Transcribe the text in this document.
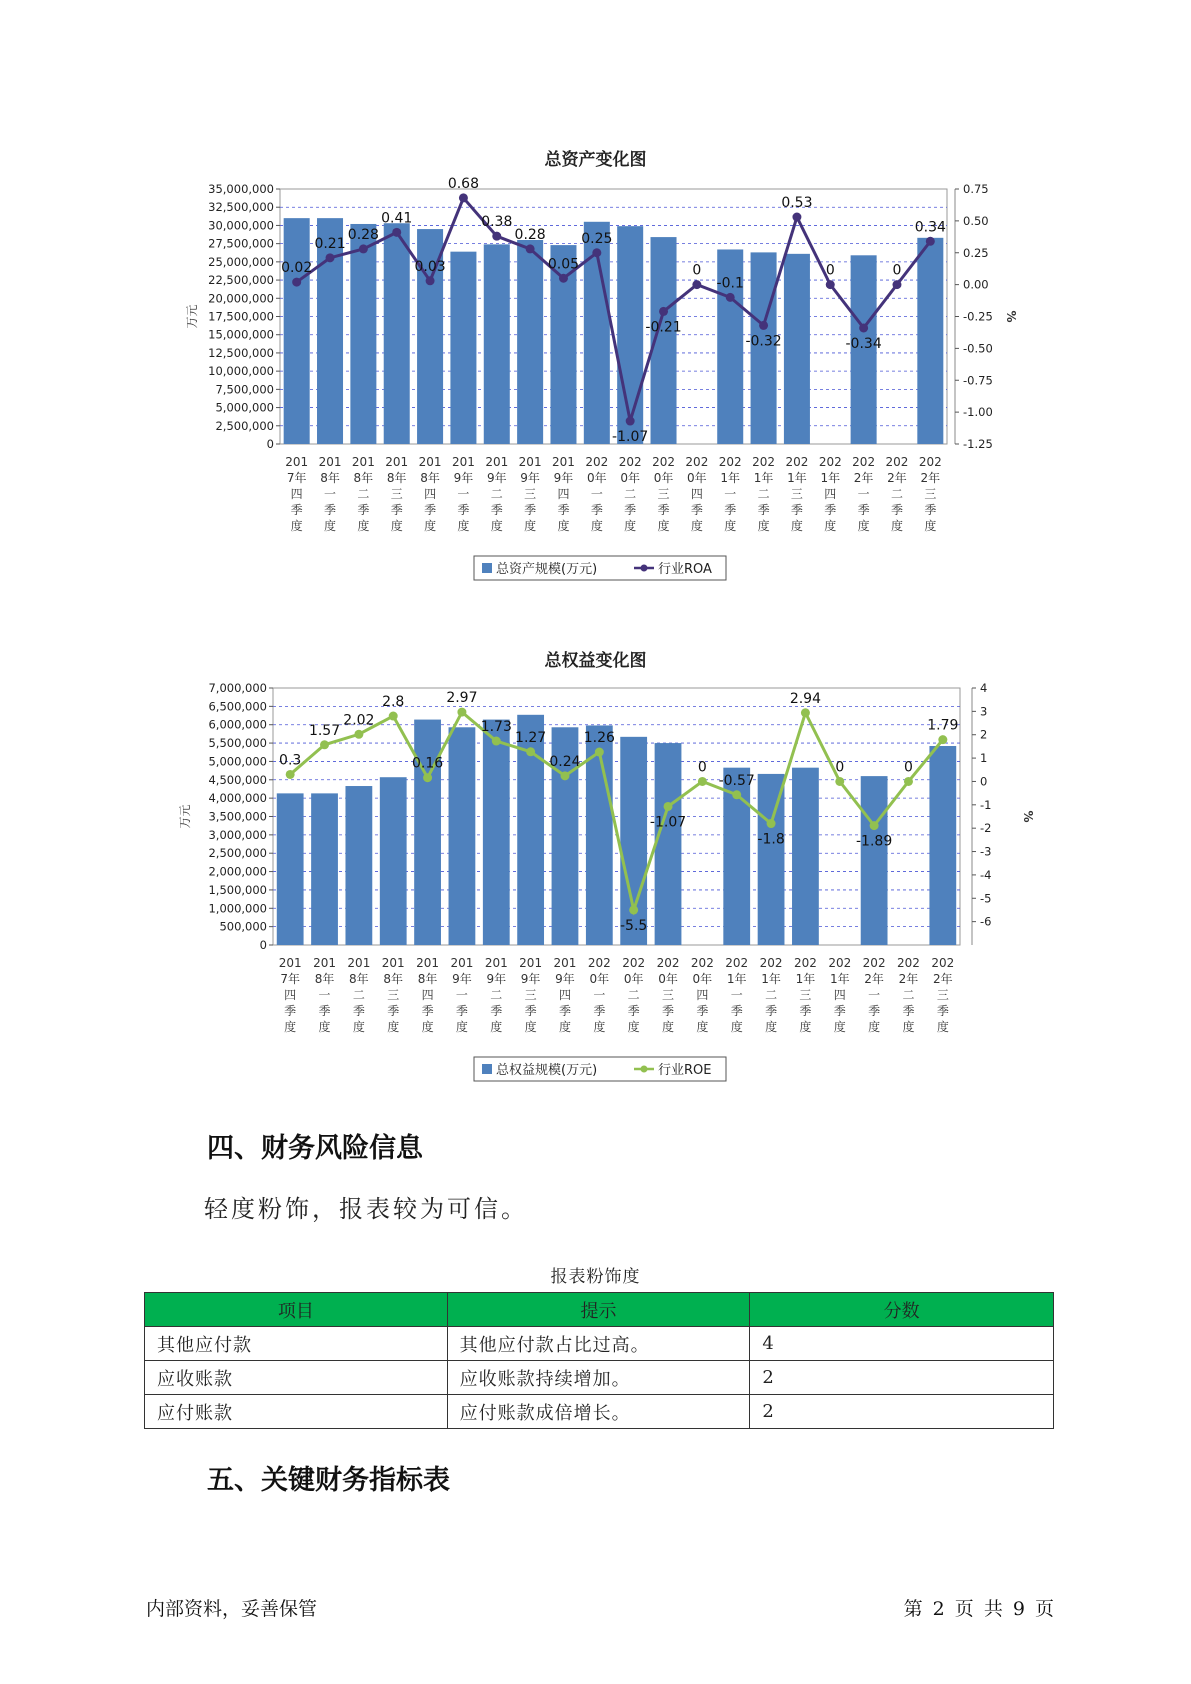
总资产变化图
35,000,000
32,500,000
30,000,000
27,500,000
25,000,000
22,500,000
20,000,000
17,500,000
15,000,000
12,500,000
10,000,000
7,500,000
5,000,000
2,500,000
0
0.75
0.50
0.25
0.00
-0.25
-0.50
-0.75
-1.00
-1.25
万元	%
0.02
0.21
0.28
0.41
0.03
0.68
0.38
0.28
0.05
0.25
-1.07
-0.21
0
-0.1
-0.32
0.53
0
-0.34
0
0.34
201
7年
四
季
度
201
8年
一
季
度
201
8年
二
季
度
201
8年
三
季
度
201
8年
四
季
度
201
9年
一
季
度
201
9年
二
季
度
201
9年
三
季
度
201
9年
四
季
度
202
0年
一
季
度
202
0年
二
季
度
202
0年
三
季
度
202
0年
四
季
度
202
1年
一
季
度
202
1年
二
季
度
202
1年
三
季
度
202
1年
四
季
度
202
2年
一
季
度
202
2年
二
季
度
202
2年
三
季
度
总资产规模(万元)	行业ROA
总权益变化图
7,000,000
6,500,000
6,000,000
5,500,000
5,000,000
4,500,000
4,000,000
3,500,000
3,000,000
2,500,000
2,000,000
1,500,000
1,000,000
500,000
0
4
3
2
1
0
-1
-2
-3
-4
-5
-6
万元	%
0.3
1.57
2.02
2.8
0.16
2.97
1.73
1.27
0.24
1.26
-5.5
-1.07
0
-0.57
-1.8
2.94
0
-1.89
0
1.79
201
7年
四
季
度
201
8年
一
季
度
201
8年
二
季
度
201
8年
三
季
度
201
8年
四
季
度
201
9年
一
季
度
201
9年
二
季
度
201
9年
三
季
度
201
9年
四
季
度
202
0年
一
季
度
202
0年
二
季
度
202
0年
三
季
度
202
0年
四
季
度
202
1年
一
季
度
202
1年
二
季
度
202
1年
三
季
度
202
1年
四
季
度
202
2年
一
季
度
202
2年
二
季
度
202
2年
三
季
度
总权益规模(万元)	行业ROE
四、财务风险信息
轻度粉饰，报表较为可信。
报表粉饰度
项目	提示	分数
其他应付款	其他应付款占比过高。	4
应收账款	应收账款持续增加。	2
应付账款	应付账款成倍增长。	2
五、关键财务指标表
内部资料，妥善保管	第 2 页 共 9 页
